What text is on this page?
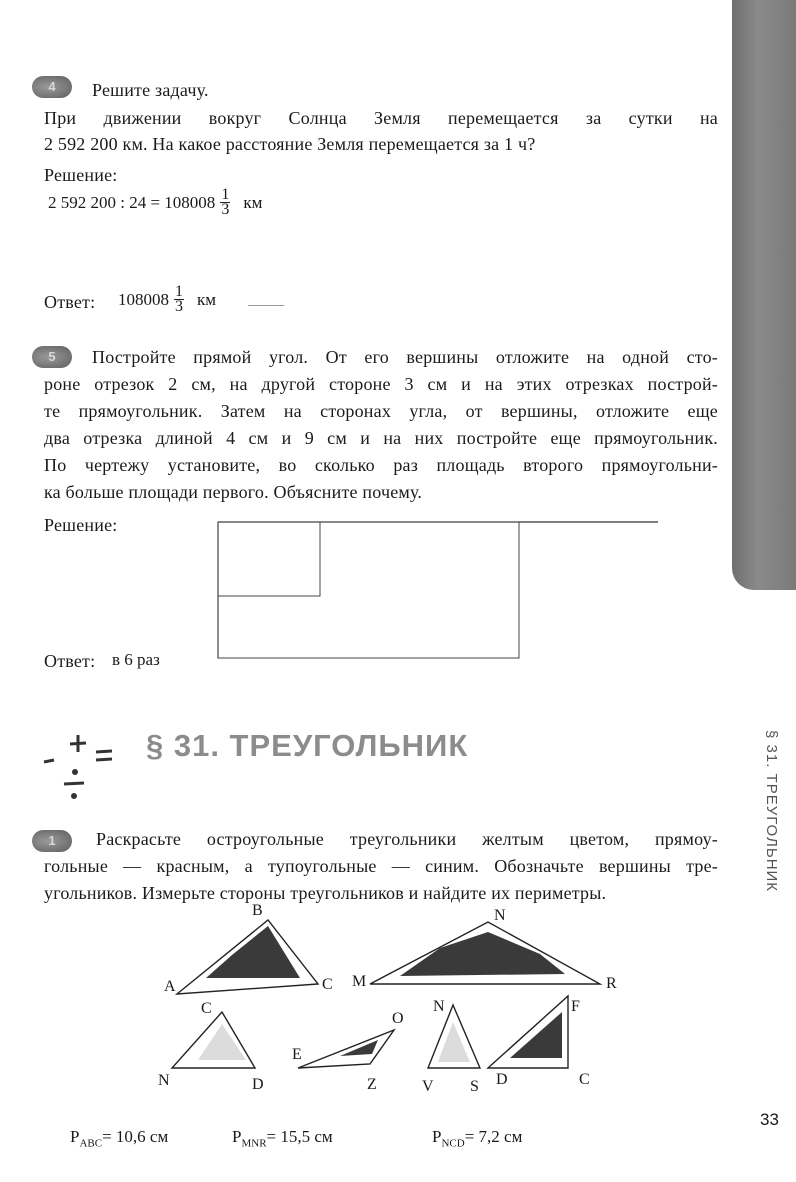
§ 31. ТРЕУГОЛЬНИК
4	Решите задачу.
При движении вокруг Солнца Земля перемещается за сутки на
2 592 200 км. На какое расстояние Земля перемещается за 1 ч?
Решение:
2 592 200 : $24 = 108008 \frac{1}{3}$ км
Ответ: $108008 \frac{1}{3}$ км
5	Постройте прямой угол. От его вершины отложите на одной сто-
роне отрезок 2 см, на другой стороне 3 см и на этих отрезках построй-
те прямоугольник. Затем на сторонах угла, от вершины, отложите еще
два отрезка длиной 4 см и 9 см и на них постройте еще прямоугольник.
По чертежу установите, во сколько раз площадь второго прямоугольни-
ка больше площади первого. Объясните почему.
Решение:
Ответ: в 6 раз
§ 31. ТРЕУГОЛЬНИК
1	Раскрасьте остроугольные треугольники желтым цветом, прямоу-
гольные — красным, а тупоугольные — синим. Обозначьте вершины тре-
угольников. Измерьте стороны треугольников и найдите их периметры.
B
A	C
N
M	R
C
N	D
O
E
Z
N
V S
F
D	C
$P_{ABC}= 10,6$ см	$P_{MNR}= 15,5$ см	$P_{NCD}= 7,2$ см
33
